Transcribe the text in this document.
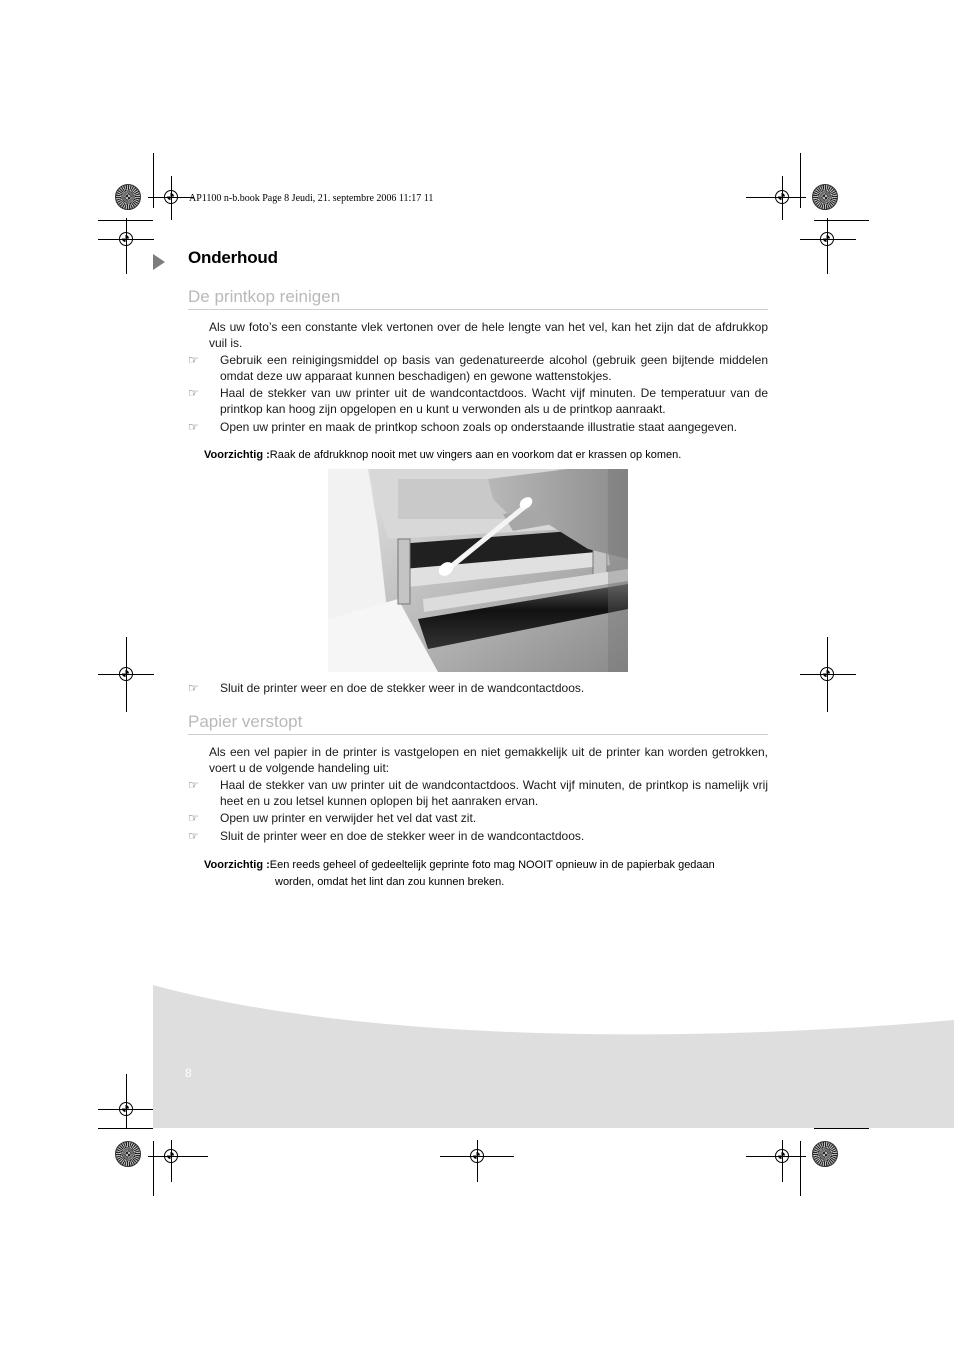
AP1100 n-b.book Page 8 Jeudi, 21. septembre 2006 11:17 11
Onderhoud
De printkop reinigen
Als uw foto’s een constante vlek vertonen over de hele lengte van het vel, kan het zijn dat de afdrukkop vuil is.
☞	Gebruik een reinigingsmiddel op basis van gedenatureerde alcohol (gebruik geen bijtende middelen omdat deze uw apparaat kunnen beschadigen) en gewone wattenstokjes.
☞	Haal de stekker van uw printer uit de wandcontactdoos. Wacht vijf minuten. De temperatuur van de printkop kan hoog zijn opgelopen en u kunt u verwonden als u de printkop aanraakt.
☞	Open uw printer en maak de printkop schoon zoals op onderstaande illustratie staat aangegeven.
Voorzichtig :Raak de afdrukknop nooit met uw vingers aan en voorkom dat er krassen op komen.
☞	Sluit de printer weer en doe de stekker weer in de wandcontactdoos.
Papier verstopt
Als een vel papier in de printer is vastgelopen en niet gemakkelijk uit de printer kan worden getrokken, voert u de volgende handeling uit:
☞	Haal de stekker van uw printer uit de wandcontactdoos. Wacht vijf minuten, de printkop is namelijk vrij heet en u zou letsel kunnen oplopen bij het aanraken ervan.
☞	Open uw printer en verwijder het vel dat vast zit.
☞	Sluit de printer weer en doe de stekker weer in de wandcontactdoos.
Voorzichtig :Een reeds geheel of gedeeltelijk geprinte foto mag NOOIT opnieuw in de papierbak gedaan
worden, omdat het lint dan zou kunnen breken.
8
